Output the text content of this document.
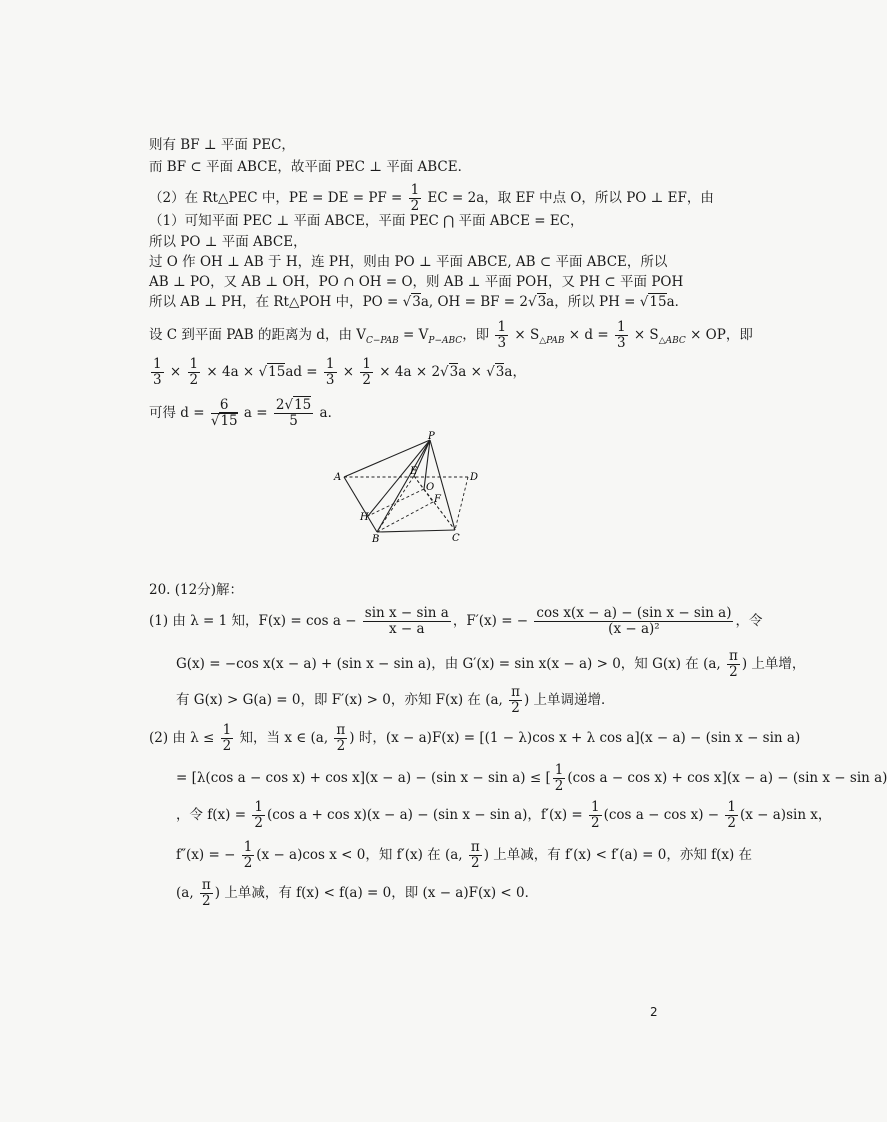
则有 BF ⊥ 平面 PEC，
而 BF ⊂ 平面 ABCE，故平面 PEC ⊥ 平面 ABCE．
（2）在 Rt△PEC 中，PE = DE = PF = $\frac{1}{2}$ EC = 2a，取 EF 中点 O，所以 PO ⊥ EF，由
（1）可知平面 PEC ⊥ 平面 ABCE，平面 PEC ⋂ 平面 ABCE = EC，
所以 PO ⊥ 平面 ABCE，
过 O 作 OH ⊥ AB 于 H，连 PH，则由 PO ⊥ 平面 ABCE, AB ⊂ 平面 ABCE，所以
AB ⊥ PO，又 AB ⊥ OH，PO ∩ OH = O，则 AB ⊥ 平面 POH，又 PH ⊂ 平面 POH
所以 AB ⊥ PH，在 Rt△POH 中，PO = √3a, OH = BF = 2√3a，所以 PH = √15a．
设 C 到平面 PAB 的距离为 d，由 $V_{C-PAB} = V_{P-ABC}$，即 $\frac{1}{3} \times S_{\triangle PAB} \times d = \frac{1}{3} \times S_{\triangle ABC}$ × OP，即
$\frac{1}{3} \times \frac{1}{2} \times 4a \times √15ad = \frac{1}{3} \times \frac{1}{2} \times 4a \times 2√3a \times √3a$，
可得 $d = \frac{6}{√15}$ $a = \frac{2√15}{5}$ a．
P
A	D
E
F
O
H
B	C
20. (12分)解：
(1) 由 λ = 1 知，$F(x) = \cos a - \frac{\text{sin x − sin a}}{x - a}$ ，F′(x) = − $\frac{\text{cos x(x − a) − (sin x − sin a)}}{\text{(x − a)²}}$ ，令
G(x) = −cos x(x − a) + (sin x − sin a)，由 G′(x) = sin x(x − a) > 0，知 G(x) 在 (a, $\frac{\pi}{2}$ ) 上单增，
有 G(x) > G(a) = 0，即 F′(x) > 0，亦知 F(x) 在 (a, $\frac{\pi}{2}$ ) 上单调递增．
(2) 由 $\lambda \le \frac{1}{2}$ 知，当 x ∈ (a, $\frac{\pi}{2}$ ) 时，(x − a)F(x) = [(1 − λ)cos x + λ cos a](x − a) − (sin x − sin a)
= [λ(cos a − cos x) + cos x](x − a) − (sin x − sin a) ≤ [ $\frac{1}{2} (\cos$ a − cos x) + cos x](x − a) − (sin x − sin a)
，令 $f(x) = \frac{1}{2} (\cos$ a + cos x)(x − a) − (sin x − sin a)，$f'(x) = \frac{1}{2} (\cos$ $a - \cos x) - \frac{1}{2} (x - a)\sin$ x，
f″(x) = − $\frac{1}{2} (x - a)\cos$ x < 0，知 f′(x) 在 (a, $\frac{\pi}{2}$ ) 上单减，有 f′(x) < f′(a) = 0，亦知 f(x) 在
(a, $\frac{\pi}{2}$ ) 上单减，有 f(x) < f(a) = 0，即 (x − a)F(x) < 0．
2
